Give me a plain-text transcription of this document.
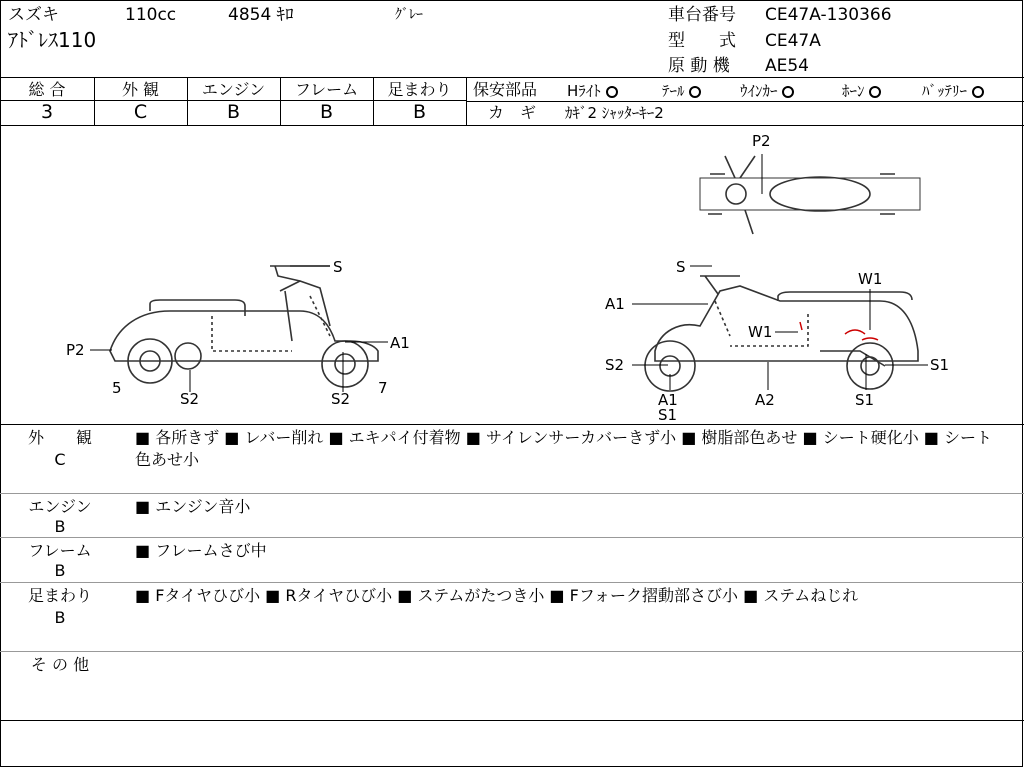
スズキ	110cc	4854 ｷﾛ	ｸﾞﾚｰ
ｱﾄﾞﾚｽ110
車台番号 CE47A-130366
型　　式 CE47A
原 動 機 AE54
総 合	外 観	エンジン	フレーム	足まわり
3	C	B	B	B
保安部品 Hﾗｲﾄ	ﾃｰﾙ	ｳｲﾝｶｰ	ﾎｰﾝ	ﾊﾞｯﾃﾘｰ
カ　ギ ｶｷﾞ2 ｼｬｯﾀｰｷｰ2
S
P2	A1
5
S2	S2
7
P2
S
W1
A1
W1
S2	S1
A1
S1
A2	S1
外　　観
C
■ 各所きず ■ レバー削れ ■ エキパイ付着物 ■ サイレンサーカバーきず小 ■ 樹脂部色あせ ■ シート硬化小 ■ シート色あせ小
エンジン
B
■ エンジン音小
フレーム
B
■ フレームさび中
足まわり
B
■ Fタイヤひび小 ■ Rタイヤひび小 ■ ステムがたつき小 ■ Fフォーク摺動部さび小 ■ ステムねじれ
そ の 他
